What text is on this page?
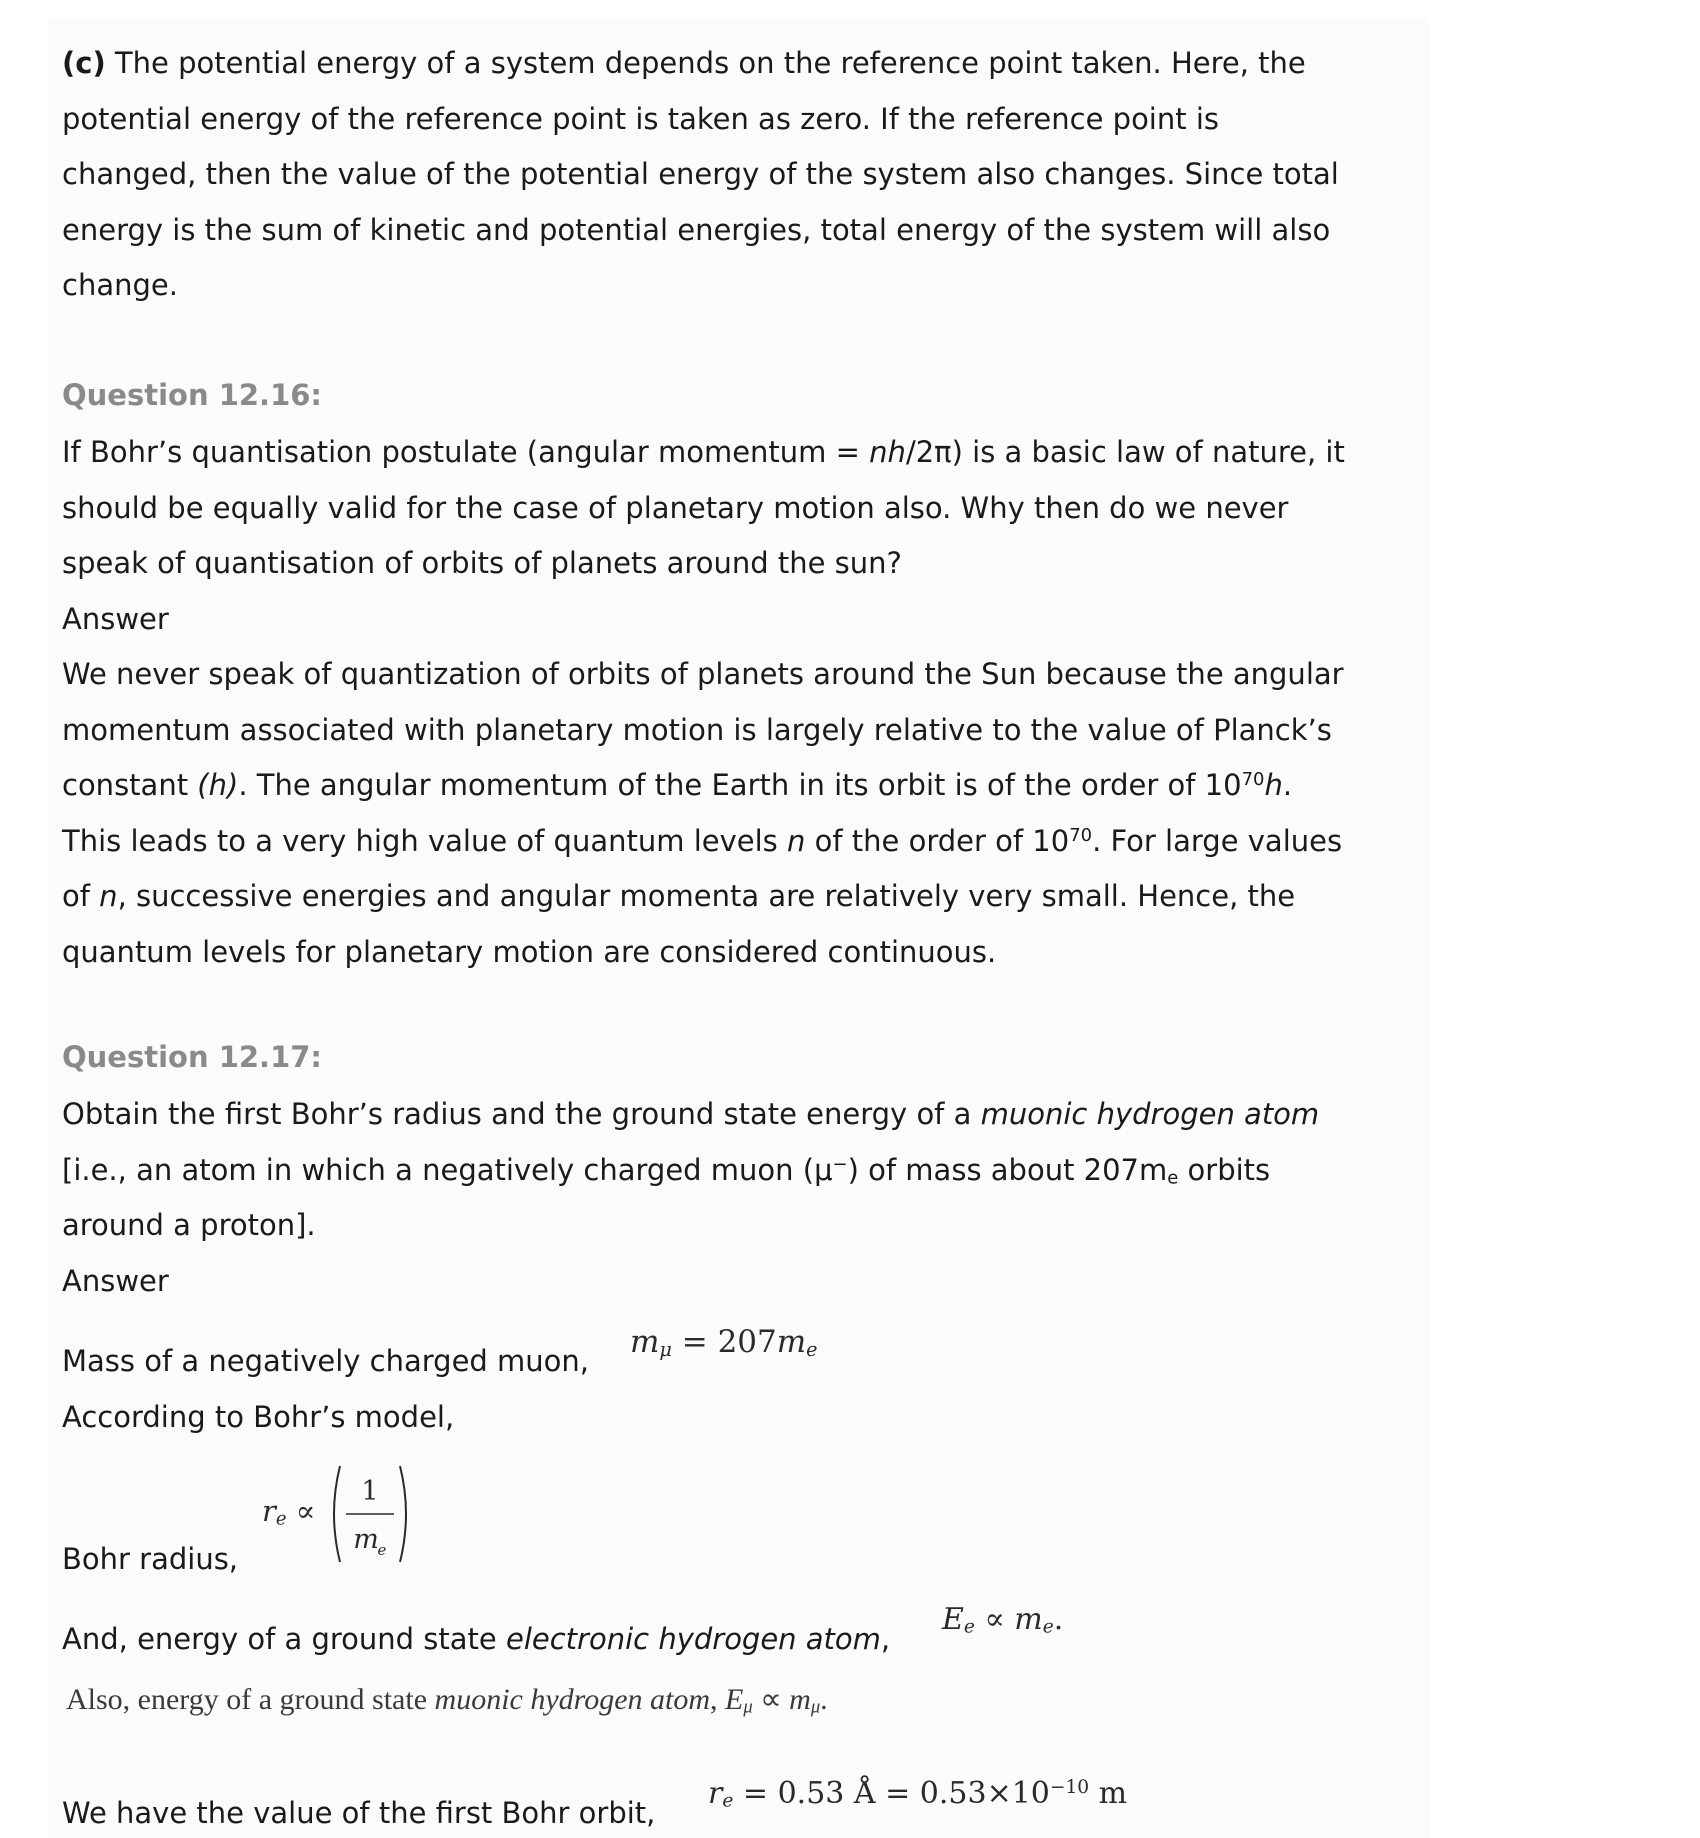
(c) The potential energy of a system depends on the reference point taken. Here, the
potential energy of the reference point is taken as zero. If the reference point is
changed, then the value of the potential energy of the system also changes. Since total
energy is the sum of kinetic and potential energies, total energy of the system will also
change.
Question 12.16:
If Bohr’s quantisation postulate (angular momentum = nh/2π) is a basic law of nature, it
should be equally valid for the case of planetary motion also. Why then do we never
speak of quantisation of orbits of planets around the sun?
Answer
We never speak of quantization of orbits of planets around the Sun because the angular
momentum associated with planetary motion is largely relative to the value of Planck’s
constant (h). The angular momentum of the Earth in its orbit is of the order of $10^{70}h$.
This leads to a very high value of quantum levels n of the order of $10^{70}$. For large values
of n, successive energies and angular momenta are relatively very small. Hence, the
quantum levels for planetary motion are considered continuous.
Question 12.17:
Obtain the first Bohr’s radius and the ground state energy of a muonic hydrogen atom
[i.e., an atom in which a negatively charged muon (μ−) of mass about $207m_e$ orbits
around a proton].
Answer
Mass of a negatively charged muon,
$m_\mu = 207m_e$
According to Bohr’s model,
Bohr radius,
$r_e$ ∝
1
m
e
And, energy of a ground state electronic hydrogen atom,
$E_e \propto m_e$.
Also, energy of a ground state muonic hydrogen atom, $E_\mu \propto m_\mu$.
We have the value of the first Bohr orbit,
$r_e = 0.53$ Å = $0.53\times 10^{-10}$ m
